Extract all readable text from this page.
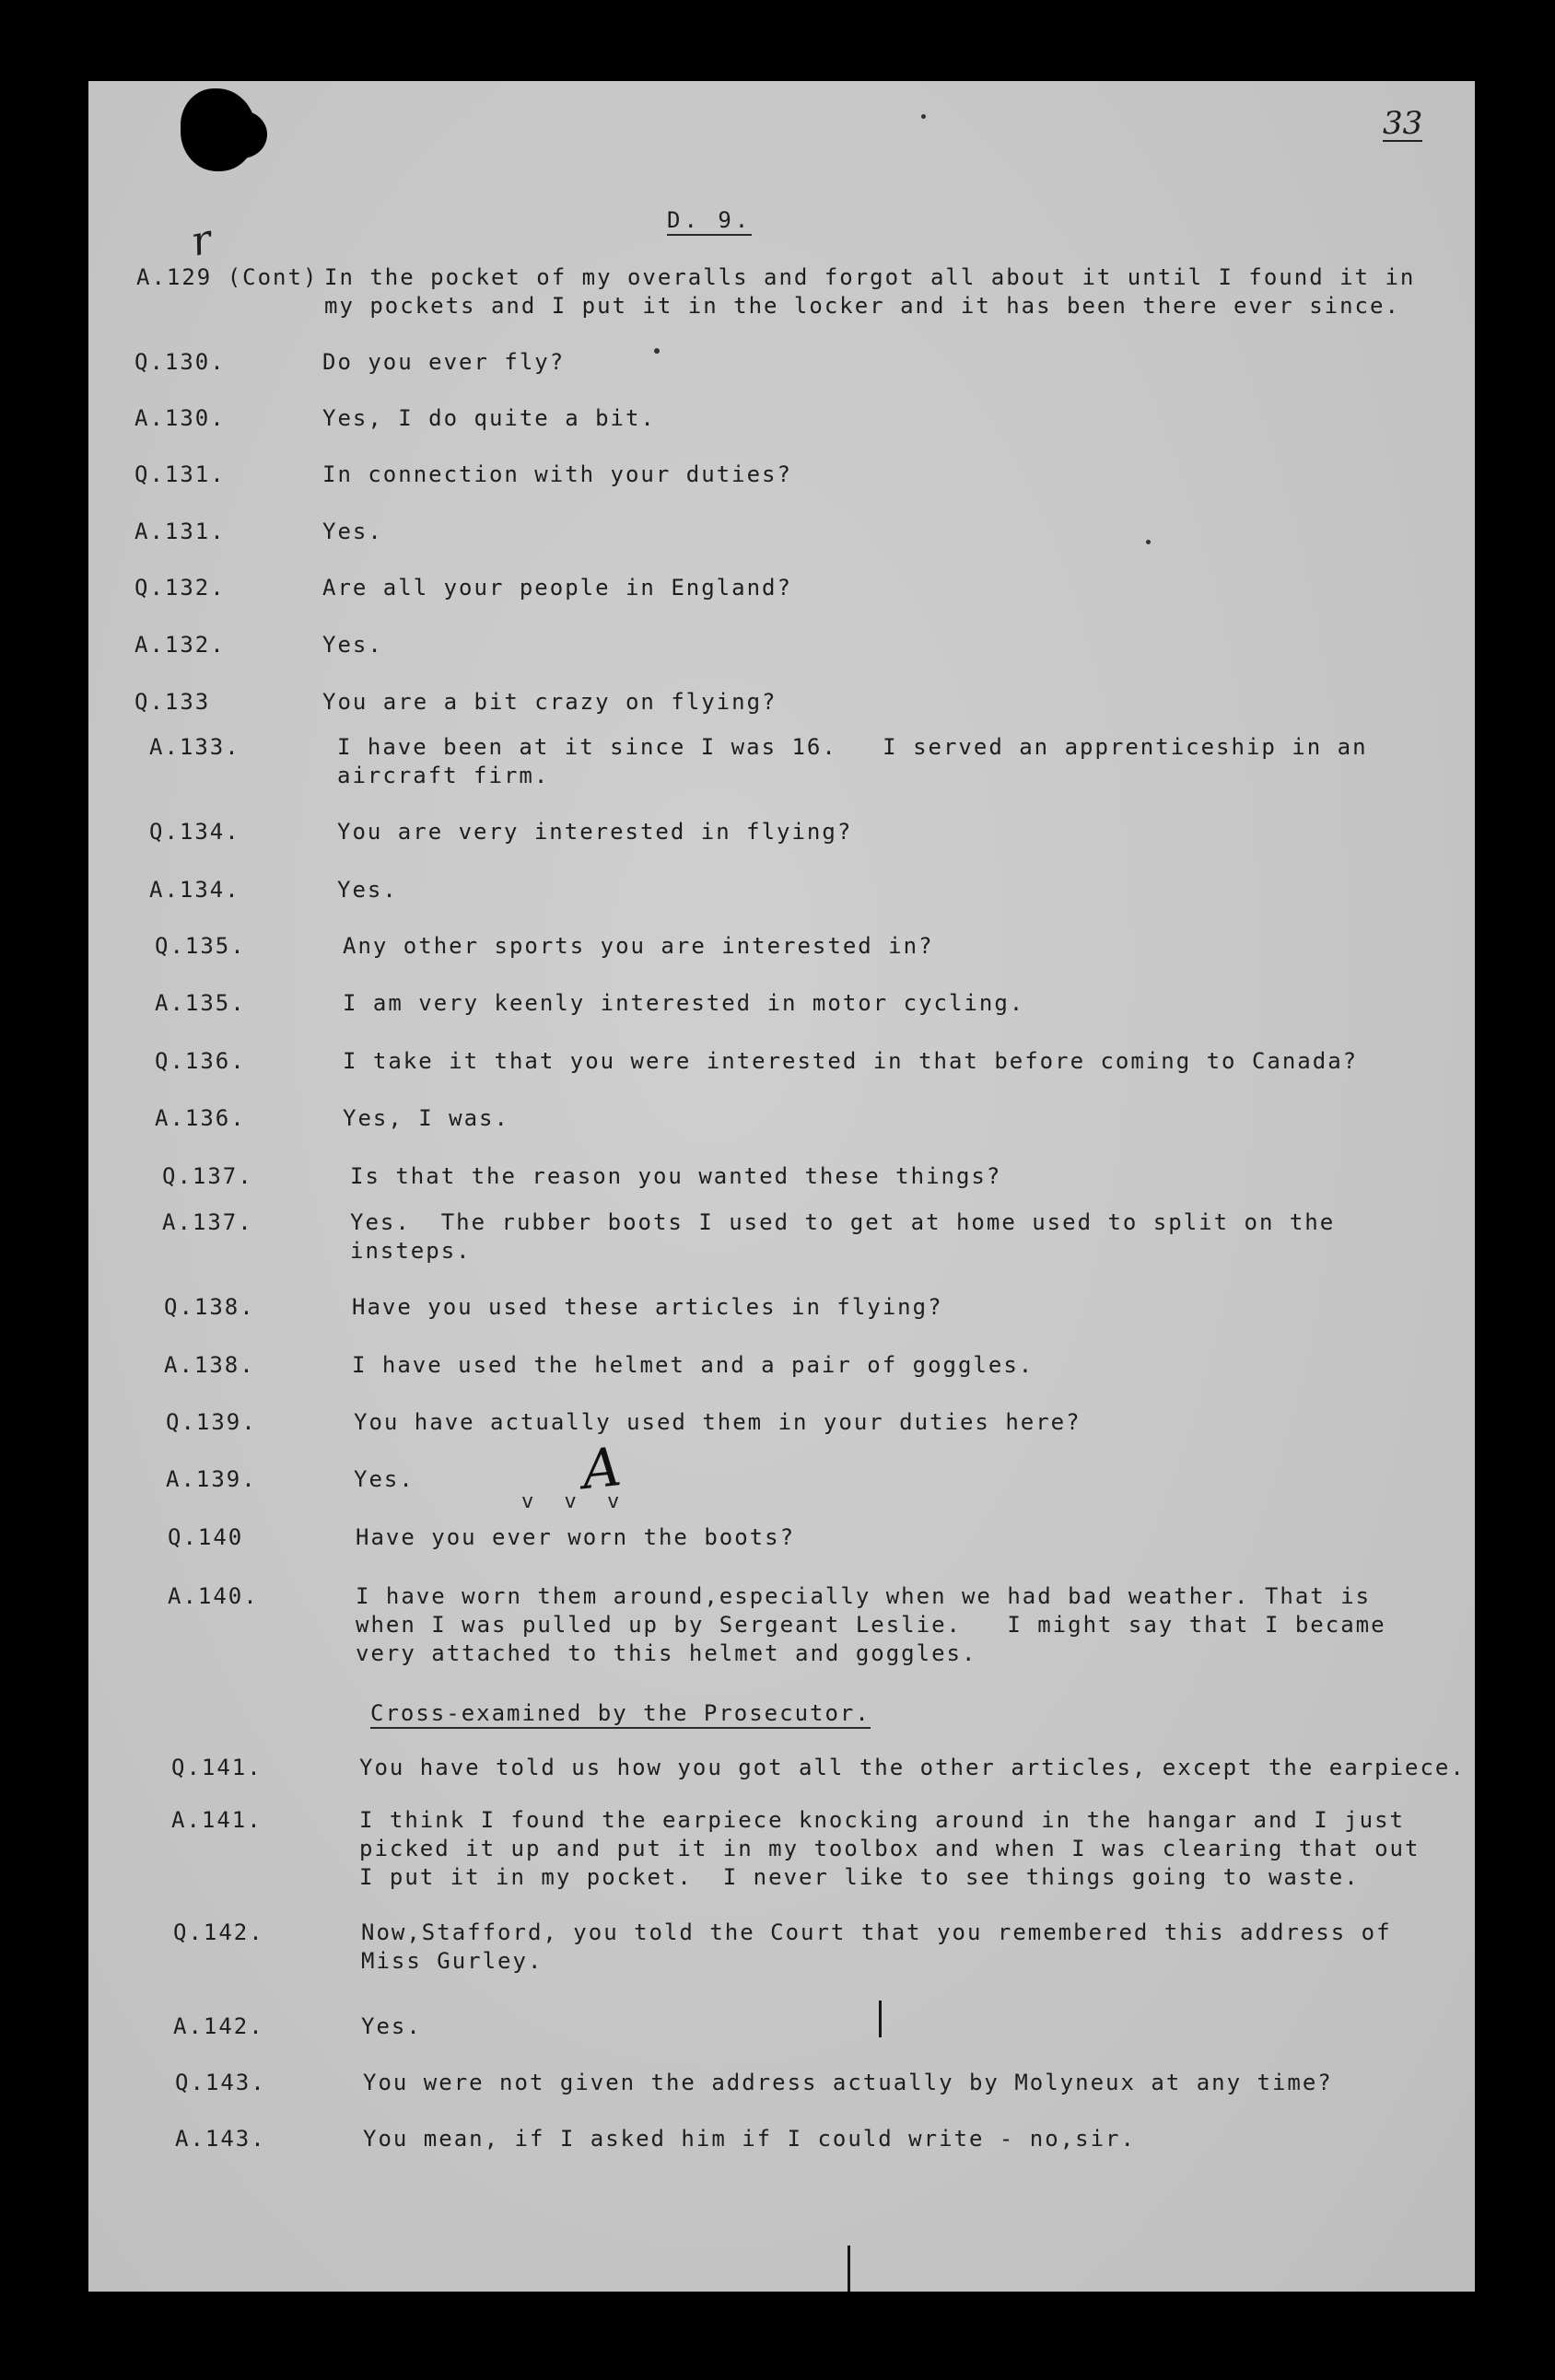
33
r	D. 9.
A.129 (Cont) In the pocket of my overalls and forgot all about it until I found it in
my pockets and I put it in the locker and it has been there ever since.
Q.130.	Do you ever fly?
A.130.	Yes, I do quite a bit.
Q.131.	In connection with your duties?
A.131.	Yes.
Q.132.	Are all your people in England?
A.132.	Yes.
Q.133	You are a bit crazy on flying?
A.133.	I have been at it since I was 16.   I served an apprenticeship in an
aircraft firm.
Q.134.	You are very interested in flying?
A.134.	Yes.
Q.135.	Any other sports you are interested in?
A.135.	I am very keenly interested in motor cycling.
Q.136.	I take it that you were interested in that before coming to Canada?
A.136.	Yes, I was.
Q.137.	Is that the reason you wanted these things?
A.137.	Yes.  The rubber boots I used to get at home used to split on the
insteps.
Q.138.	Have you used these articles in flying?
A.138.	I have used the helmet and a pair of goggles.
Q.139.	You have actually used them in your duties here?
A.139.	Yes.
Q.140	Have you ever worn the boots?
A.140.	I have worn them around,especially when we had bad weather. That is
when I was pulled up by Sergeant Leslie.   I might say that I became
very attached to this helmet and goggles.
Q.141.	You have told us how you got all the other articles, except the earpiece.
A.141.	I think I found the earpiece knocking around in the hangar and I just
picked it up and put it in my toolbox and when I was clearing that out
I put it in my pocket.  I never like to see things going to waste.
Q.142.	Now,Stafford, you told the Court that you remembered this address of
Miss Gurley.
A.142.	Yes.
Q.143.	You were not given the address actually by Molyneux at any time?
A.143.	You mean, if I asked him if I could write - no,sir.
Cross-examined by the Prosecutor.
A
v v v
